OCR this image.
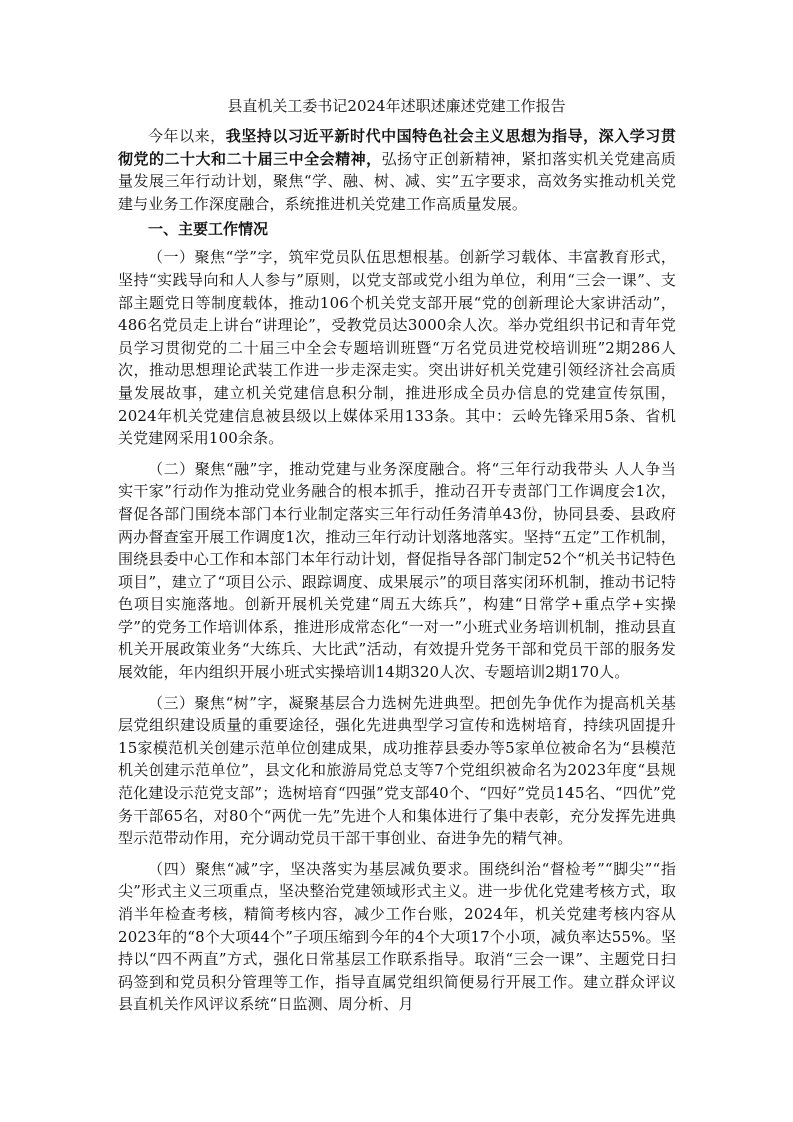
县直机关工委书记2024年述职述廉述党建工作报告

今年以来，我坚持以习近平新时代中国特色社会主义思想为指导，深入学习贯彻党的二十大和二十届三中全会精神，弘扬守正创新精神，紧扣落实机关党建高质量发展三年行动计划，聚焦“学、融、树、减、实”五字要求，高效务实推动机关党建与业务工作深度融合，系统推进机关党建工作高质量发展。

一、主要工作情况

（一）聚焦“学”字，筑牢党员队伍思想根基。创新学习载体、丰富教育形式，坚持“实践导向和人人参与”原则，以党支部或党小组为单位，利用“三会一课”、支部主题党日等制度载体，推动106个机关党支部开展“党的创新理论大家讲活动”，486名党员走上讲台“讲理论”，受教党员达3000余人次。举办党组织书记和青年党员学习贯彻党的二十届三中全会专题培训班暨“万名党员进党校培训班”2期286人次，推动思想理论武装工作进一步走深走实。突出讲好机关党建引领经济社会高质量发展故事，建立机关党建信息积分制，推进形成全员办信息的党建宣传氛围，2024年机关党建信息被县级以上媒体采用133条。其中：云岭先锋采用5条、省机关党建网采用100余条。

（二）聚焦“融”字，推动党建与业务深度融合。将“三年行动我带头 人人争当实干家”行动作为推动党业务融合的根本抓手，推动召开专责部门工作调度会1次，督促各部门围绕本部门本行业制定落实三年行动任务清单43份，协同县委、县政府两办督查室开展工作调度1次，推动三年行动计划落地落实。坚持“五定”工作机制，围绕县委中心工作和本部门本年行动计划，督促指导各部门制定52个“机关书记特色项目”，建立了“项目公示、跟踪调度、成果展示”的项目落实闭环机制，推动书记特色项目实施落地。创新开展机关党建“周五大练兵”，构建“日常学+重点学+实操学”的党务工作培训体系，推进形成常态化“一对一”小班式业务培训机制，推动县直机关开展政策业务“大练兵、大比武”活动，有效提升党务干部和党员干部的服务发展效能，年内组织开展小班式实操培训14期320人次、专题培训2期170人。

（三）聚焦“树”字，凝聚基层合力选树先进典型。把创先争优作为提高机关基层党组织建设质量的重要途径，强化先进典型学习宣传和选树培育，持续巩固提升15家模范机关创建示范单位创建成果，成功推荐县委办等5家单位被命名为“县模范机关创建示范单位”，县文化和旅游局党总支等7个党组织被命名为2023年度“县规范化建设示范党支部”；选树培育“四强”党支部40个、“四好”党员145名、“四优”党务干部65名，对80个“两优一先”先进个人和集体进行了集中表彰，充分发挥先进典型示范带动作用，充分调动党员干部干事创业、奋进争先的精气神。

（四）聚焦“减”字，坚决落实为基层减负要求。围绕纠治“督检考”“脚尖”“指尖”形式主义三项重点，坚决整治党建领域形式主义。进一步优化党建考核方式，取消半年检查考核，精简考核内容，减少工作台账，2024年，机关党建考核内容从2023年的“8个大项44个”子项压缩到今年的4个大项17个小项，减负率达55%。坚持以“四不两直”方式，强化日常基层工作联系指导。取消“三会一课”、主题党日扫码签到和党员积分管理等工作，指导直属党组织简便易行开展工作。建立群众评议县直机关作风评议系统“日监测、周分析、月
